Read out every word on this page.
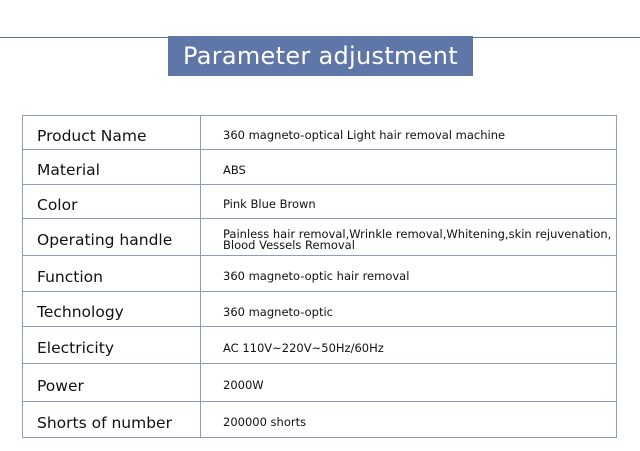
Parameter adjustment
Product Name	360 magneto-optical Light hair removal machine
Material	ABS
Color	Pink Blue Brown
Operating handle	Painless hair removal,Wrinkle removal,Whitening,skin rejuvenation,
Blood Vessels Removal

Function	360 magneto-optic hair removal
Technology	360 magneto-optic
Electricity	AC 110V~220V~50Hz/60Hz
Power	2000W
Shorts of number	200000 shorts
